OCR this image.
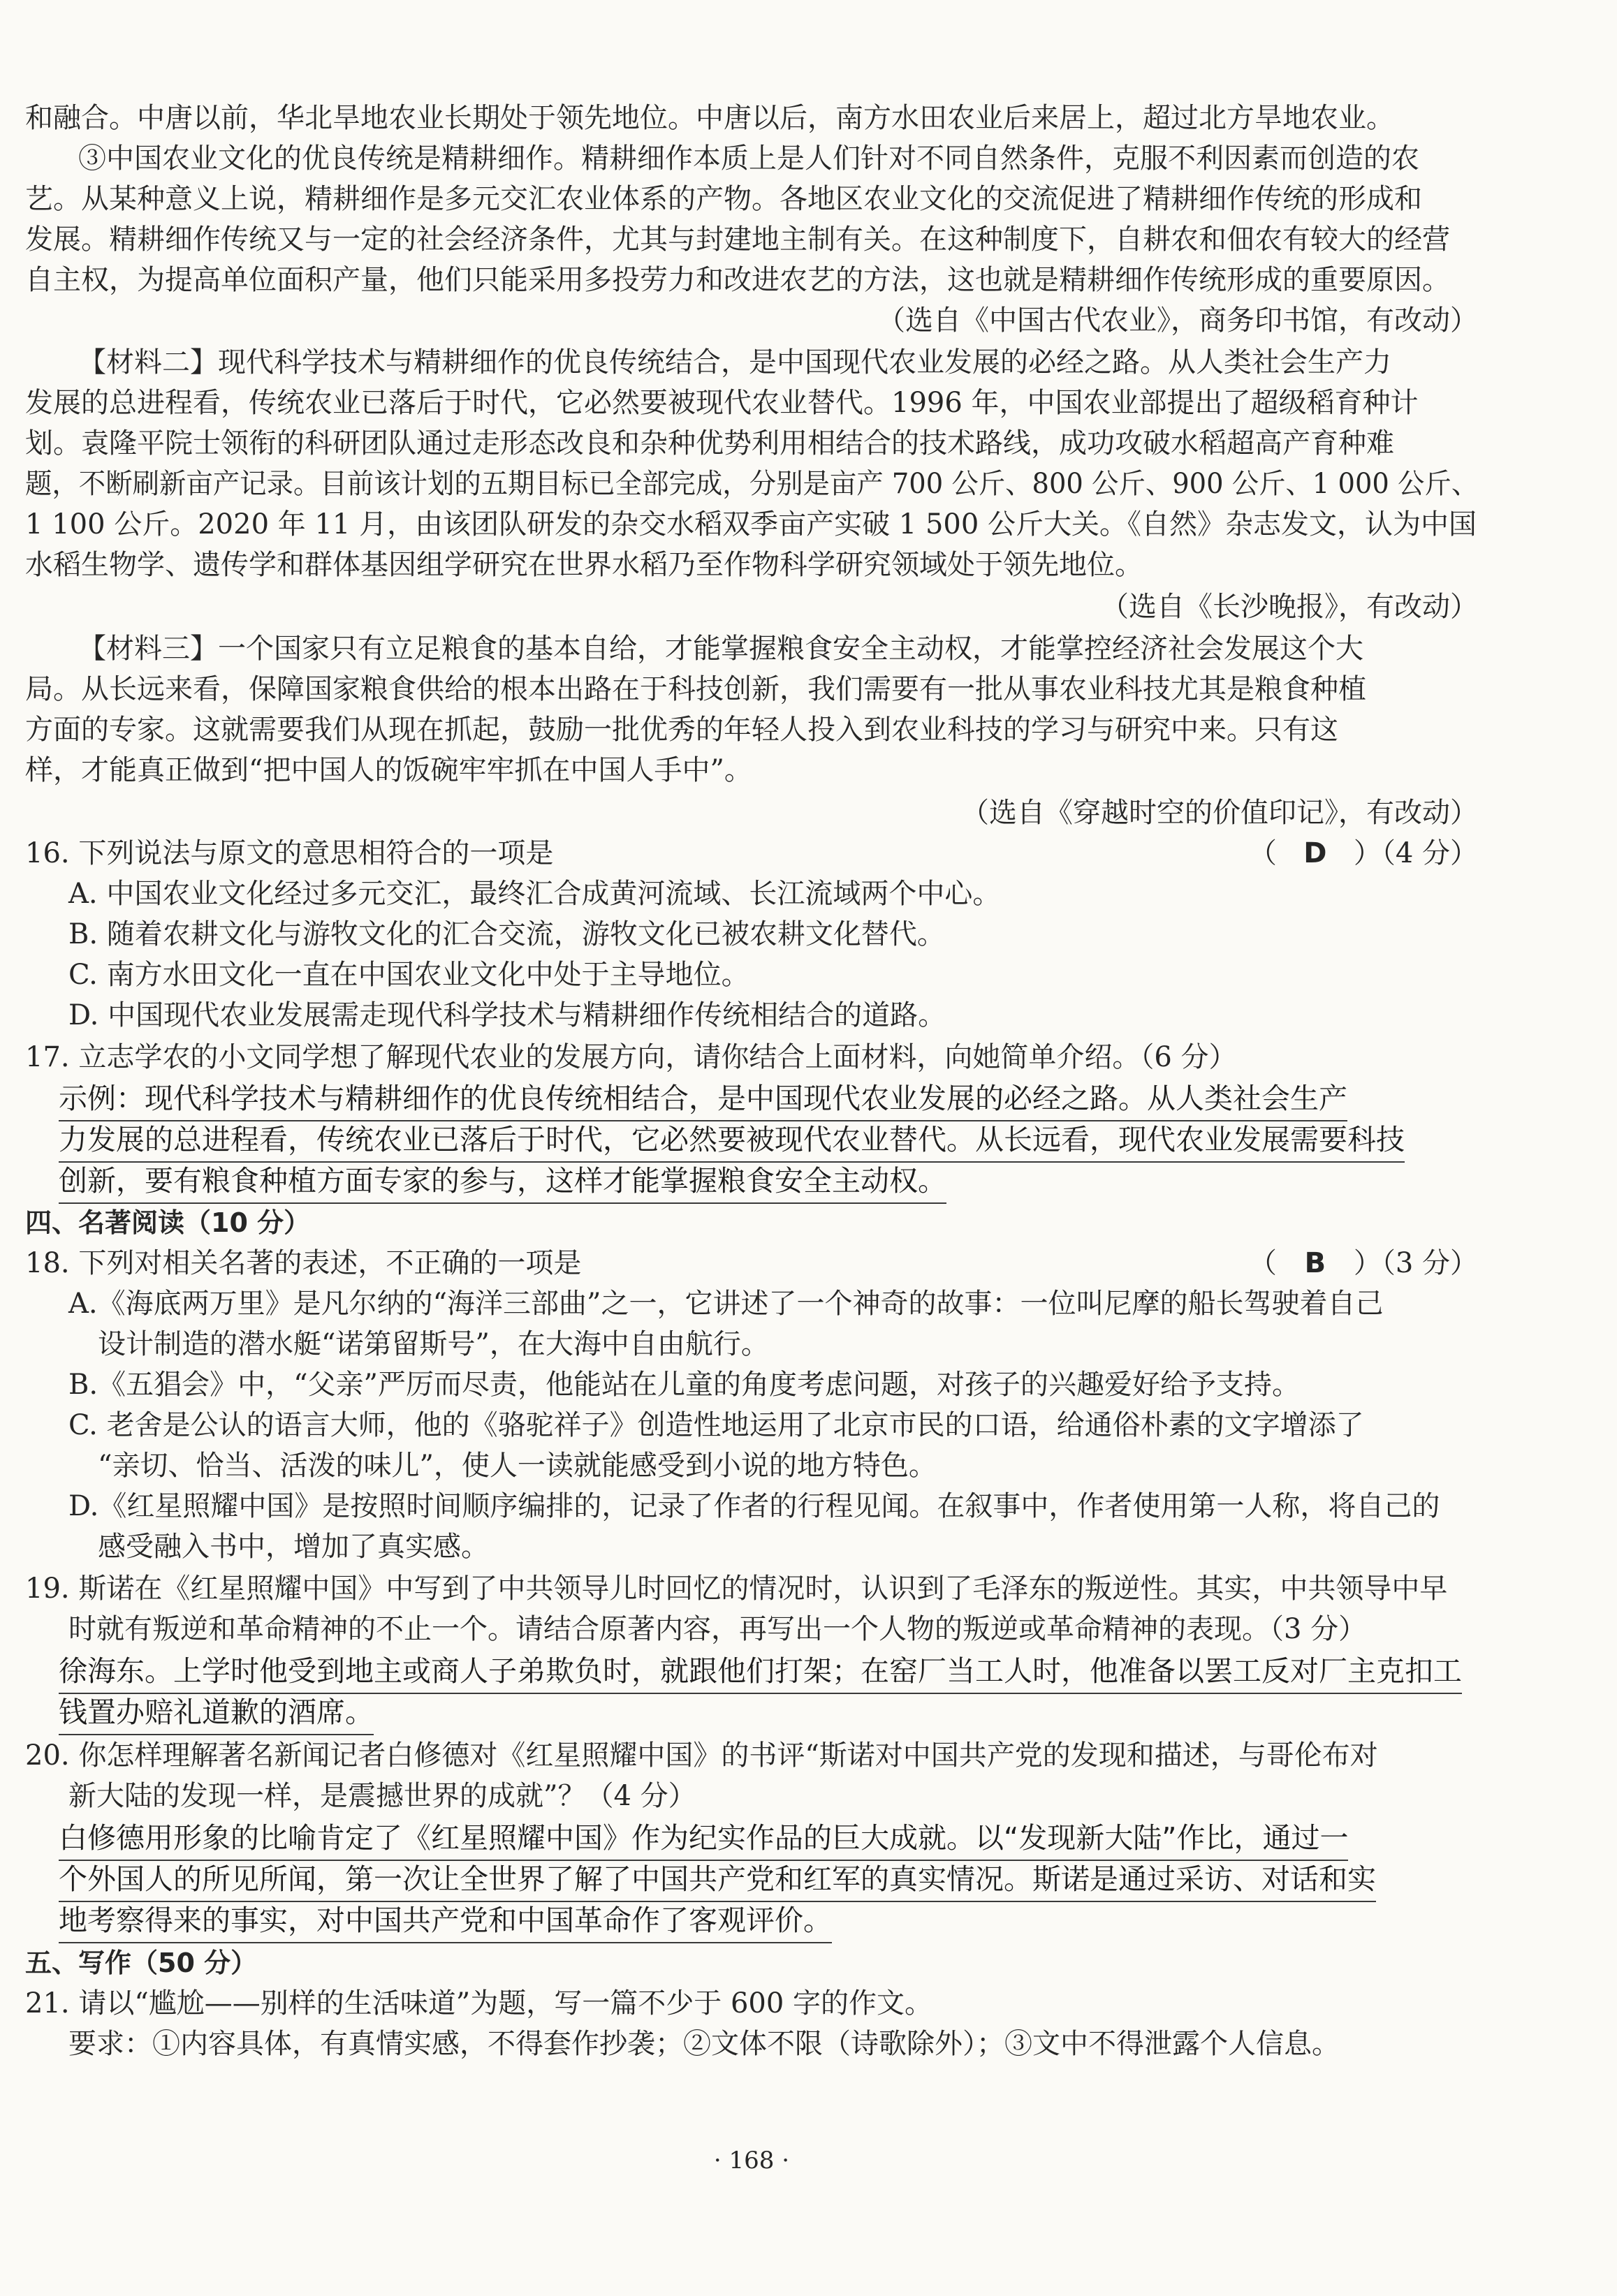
和融合。中唐以前，华北旱地农业长期处于领先地位。中唐以后，南方水田农业后来居上，超过北方旱地农业。
③中国农业文化的优良传统是精耕细作。精耕细作本质上是人们针对不同自然条件，克服不利因素而创造的农
艺。从某种意义上说，精耕细作是多元交汇农业体系的产物。各地区农业文化的交流促进了精耕细作传统的形成和
发展。精耕细作传统又与一定的社会经济条件，尤其与封建地主制有关。在这种制度下，自耕农和佃农有较大的经营
自主权，为提高单位面积产量，他们只能采用多投劳力和改进农艺的方法，这也就是精耕细作传统形成的重要原因。
（选自《中国古代农业》，商务印书馆，有改动）
【材料二】现代科学技术与精耕细作的优良传统结合，是中国现代农业发展的必经之路。从人类社会生产力
发展的总进程看，传统农业已落后于时代，它必然要被现代农业替代。1996 年，中国农业部提出了超级稻育种计
划。袁隆平院士领衔的科研团队通过走形态改良和杂种优势利用相结合的技术路线，成功攻破水稻超高产育种难
题，不断刷新亩产记录。目前该计划的五期目标已全部完成，分别是亩产 700 公斤、800 公斤、900 公斤、1 000 公斤、
1 100 公斤。2020 年 11 月，由该团队研发的杂交水稻双季亩产实破 1 500 公斤大关。《自然》杂志发文，认为中国
水稻生物学、遗传学和群体基因组学研究在世界水稻乃至作物科学研究领域处于领先地位。
（选自《长沙晚报》，有改动）
【材料三】一个国家只有立足粮食的基本自给，才能掌握粮食安全主动权，才能掌控经济社会发展这个大
局。从长远来看，保障国家粮食供给的根本出路在于科技创新，我们需要有一批从事农业科技尤其是粮食种植
方面的专家。这就需要我们从现在抓起，鼓励一批优秀的年轻人投入到农业科技的学习与研究中来。只有这
样，才能真正做到“把中国人的饭碗牢牢抓在中国人手中”。
（选自《穿越时空的价值印记》，有改动）
16. 下列说法与原文的意思相符合的一项是	（ D ）（4 分）
A. 中国农业文化经过多元交汇，最终汇合成黄河流域、长江流域两个中心。
B. 随着农耕文化与游牧文化的汇合交流，游牧文化已被农耕文化替代。
C. 南方水田文化一直在中国农业文化中处于主导地位。
D. 中国现代农业发展需走现代科学技术与精耕细作传统相结合的道路。
17. 立志学农的小文同学想了解现代农业的发展方向，请你结合上面材料，向她简单介绍。（6 分）
示例：现代科学技术与精耕细作的优良传统相结合，是中国现代农业发展的必经之路。从人类社会生产
力发展的总进程看，传统农业已落后于时代，它必然要被现代农业替代。从长远看，现代农业发展需要科技
创新，要有粮食种植方面专家的参与，这样才能掌握粮食安全主动权。
四、名著阅读（10 分）
18. 下列对相关名著的表述，不正确的一项是	（ B ）（3 分）
A.《海底两万里》是凡尔纳的“海洋三部曲”之一，它讲述了一个神奇的故事：一位叫尼摩的船长驾驶着自己
设计制造的潜水艇“诺第留斯号”，在大海中自由航行。
B.《五猖会》中，“父亲”严厉而尽责，他能站在儿童的角度考虑问题，对孩子的兴趣爱好给予支持。
C. 老舍是公认的语言大师，他的《骆驼祥子》创造性地运用了北京市民的口语，给通俗朴素的文字增添了
“亲切、恰当、活泼的味儿”，使人一读就能感受到小说的地方特色。
D.《红星照耀中国》是按照时间顺序编排的，记录了作者的行程见闻。在叙事中，作者使用第一人称，将自己的
感受融入书中，增加了真实感。
19. 斯诺在《红星照耀中国》中写到了中共领导儿时回忆的情况时，认识到了毛泽东的叛逆性。其实，中共领导中早
时就有叛逆和革命精神的不止一个。请结合原著内容，再写出一个人物的叛逆或革命精神的表现。（3 分）
徐海东。上学时他受到地主或商人子弟欺负时，就跟他们打架；在窑厂当工人时，他准备以罢工反对厂主克扣工
钱置办赔礼道歉的酒席。
20. 你怎样理解著名新闻记者白修德对《红星照耀中国》的书评“斯诺对中国共产党的发现和描述，与哥伦布对
新大陆的发现一样，是震撼世界的成就”？（4 分）
白修德用形象的比喻肯定了《红星照耀中国》作为纪实作品的巨大成就。以“发现新大陆”作比，通过一
个外国人的所见所闻，第一次让全世界了解了中国共产党和红军的真实情况。斯诺是通过采访、对话和实
地考察得来的事实，对中国共产党和中国革命作了客观评价。
五、写作（50 分）
21. 请以“尴尬——别样的生活味道”为题，写一篇不少于 600 字的作文。
要求：①内容具体，有真情实感，不得套作抄袭；②文体不限（诗歌除外）；③文中不得泄露个人信息。
· 168 ·
